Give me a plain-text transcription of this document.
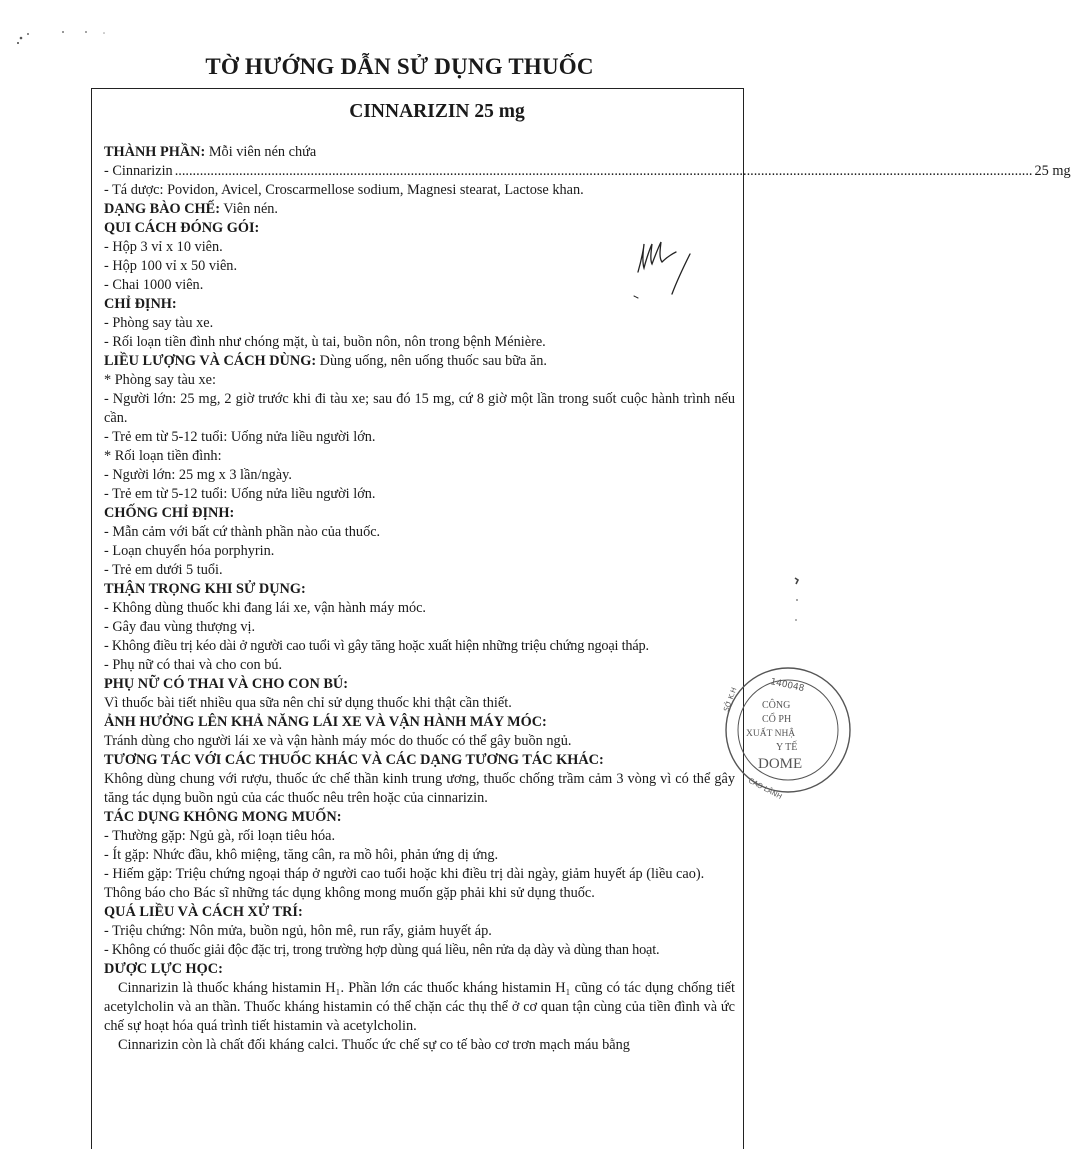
TỜ HƯỚNG DẪN SỬ DỤNG THUỐC
CINNARIZIN 25 mg
THÀNH PHẦN: Mỗi viên nén chứa
- Cinnarizin ................................................................................................................................................................................................................................................ 25 mg
- Tá dược: Povidon, Avicel, Croscarmellose sodium, Magnesi stearat, Lactose khan.
DẠNG BÀO CHẾ: Viên nén.
QUI CÁCH ĐÓNG GÓI:
- Hộp 3 vỉ x 10 viên.
- Hộp 100 vỉ x 50 viên.
- Chai 1000 viên.
CHỈ ĐỊNH:
- Phòng say tàu xe.
- Rối loạn tiền đình như chóng mặt, ù tai, buồn nôn, nôn trong bệnh Ménière.
LIỀU LƯỢNG VÀ CÁCH DÙNG: Dùng uống, nên uống thuốc sau bữa ăn.
* Phòng say tàu xe:
- Người lớn: 25 mg, 2 giờ trước khi đi tàu xe; sau đó 15 mg, cứ 8 giờ một lần trong suốt cuộc hành trình nếu cần.
- Trẻ em từ 5-12 tuổi: Uống nửa liều người lớn.
* Rối loạn tiền đình:
- Người lớn: 25 mg x 3 lần/ngày.
- Trẻ em từ 5-12 tuổi: Uống nửa liều người lớn.
CHỐNG CHỈ ĐỊNH:
- Mẫn cảm với bất cứ thành phần nào của thuốc.
- Loạn chuyển hóa porphyrin.
- Trẻ em dưới 5 tuổi.
THẬN TRỌNG KHI SỬ DỤNG:
- Không dùng thuốc khi đang lái xe, vận hành máy móc.
- Gây đau vùng thượng vị.
- Không điều trị kéo dài ở người cao tuổi vì gây tăng hoặc xuất hiện những triệu chứng ngoại tháp.
- Phụ nữ có thai và cho con bú.
PHỤ NỮ CÓ THAI VÀ CHO CON BÚ:
Vì thuốc bài tiết nhiều qua sữa nên chỉ sử dụng thuốc khi thật cần thiết.
ẢNH HƯỞNG LÊN KHẢ NĂNG LÁI XE VÀ VẬN HÀNH MÁY MÓC:
Tránh dùng cho người lái xe và vận hành máy móc do thuốc có thể gây buồn ngủ.
TƯƠNG TÁC VỚI CÁC THUỐC KHÁC VÀ CÁC DẠNG TƯƠNG TÁC KHÁC:
Không dùng chung với rượu, thuốc ức chế thần kinh trung ương, thuốc chống trầm cảm 3 vòng vì có thể gây tăng tác dụng buồn ngủ của các thuốc nêu trên hoặc của cinnarizin.
TÁC DỤNG KHÔNG MONG MUỐN:
- Thường gặp: Ngủ gà, rối loạn tiêu hóa.
- Ít gặp: Nhức đầu, khô miệng, tăng cân, ra mồ hôi, phản ứng dị ứng.
- Hiếm gặp: Triệu chứng ngoại tháp ở người cao tuổi hoặc khi điều trị dài ngày, giảm huyết áp (liều cao).
Thông báo cho Bác sĩ những tác dụng không mong muốn gặp phải khi sử dụng thuốc.
QUÁ LIỀU VÀ CÁCH XỬ TRÍ:
- Triệu chứng: Nôn mửa, buồn ngủ, hôn mê, run rẩy, giảm huyết áp.
- Không có thuốc giải độc đặc trị, trong trường hợp dùng quá liều, nên rửa dạ dày và dùng than hoạt.
DƯỢC LỰC HỌC:
Cinnarizin là thuốc kháng histamin H₁. Phần lớn các thuốc kháng histamin H₁ cũng có tác dụng chống tiết acetylcholin và an thần. Thuốc kháng histamin có thể chặn các thụ thể ở cơ quan tận cùng của tiền đình và ức chế sự hoạt hóa quá trình tiết histamin và acetylcholin.
Cinnarizin còn là chất đối kháng calci. Thuốc ức chế sự co tế bào cơ trơn mạch máu bằng
140048
CÔNG
CỔ PH
XUẤT NHẬ
Y TẾ
DOME
SỞ K.H
CAO LÃNH
